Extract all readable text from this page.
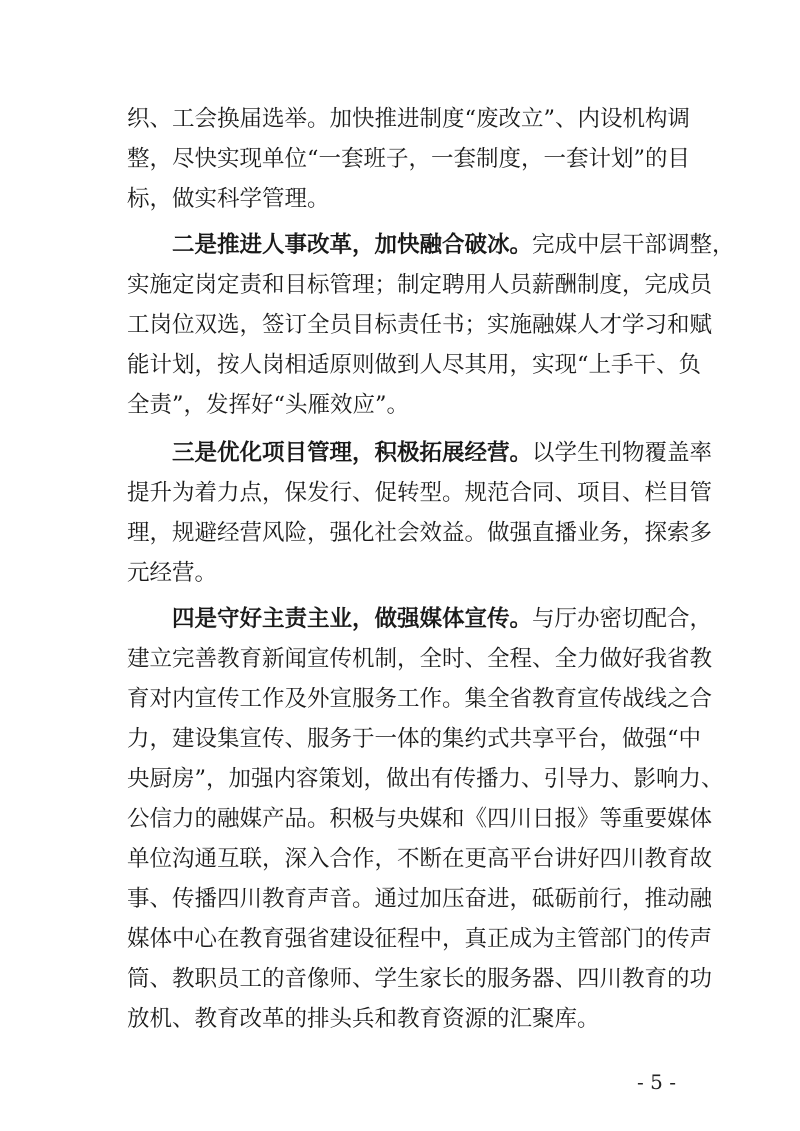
织、工会换届选举。加快推进制度“废改立”、内设机构调
整，尽快实现单位“一套班子，一套制度，一套计划”的目
标，做实科学管理。
二是推进人事改革，加快融合破冰。完成中层干部调整，
实施定岗定责和目标管理；制定聘用人员薪酬制度，完成员
工岗位双选，签订全员目标责任书；实施融媒人才学习和赋
能计划，按人岗相适原则做到人尽其用，实现“上手干、负
全责”，发挥好“头雁效应”。
三是优化项目管理，积极拓展经营。以学生刊物覆盖率
提升为着力点，保发行、促转型。规范合同、项目、栏目管
理，规避经营风险，强化社会效益。做强直播业务，探索多
元经营。
四是守好主责主业，做强媒体宣传。与厅办密切配合，
建立完善教育新闻宣传机制，全时、全程、全力做好我省教
育对内宣传工作及外宣服务工作。集全省教育宣传战线之合
力，建设集宣传、服务于一体的集约式共享平台，做强“中
央厨房”，加强内容策划，做出有传播力、引导力、影响力、
公信力的融媒产品。积极与央媒和《四川日报》等重要媒体
单位沟通互联，深入合作，不断在更高平台讲好四川教育故
事、传播四川教育声音。通过加压奋进，砥砺前行，推动融
媒体中心在教育强省建设征程中，真正成为主管部门的传声
筒、教职员工的音像师、学生家长的服务器、四川教育的功
放机、教育改革的排头兵和教育资源的汇聚库。
- 5 -
